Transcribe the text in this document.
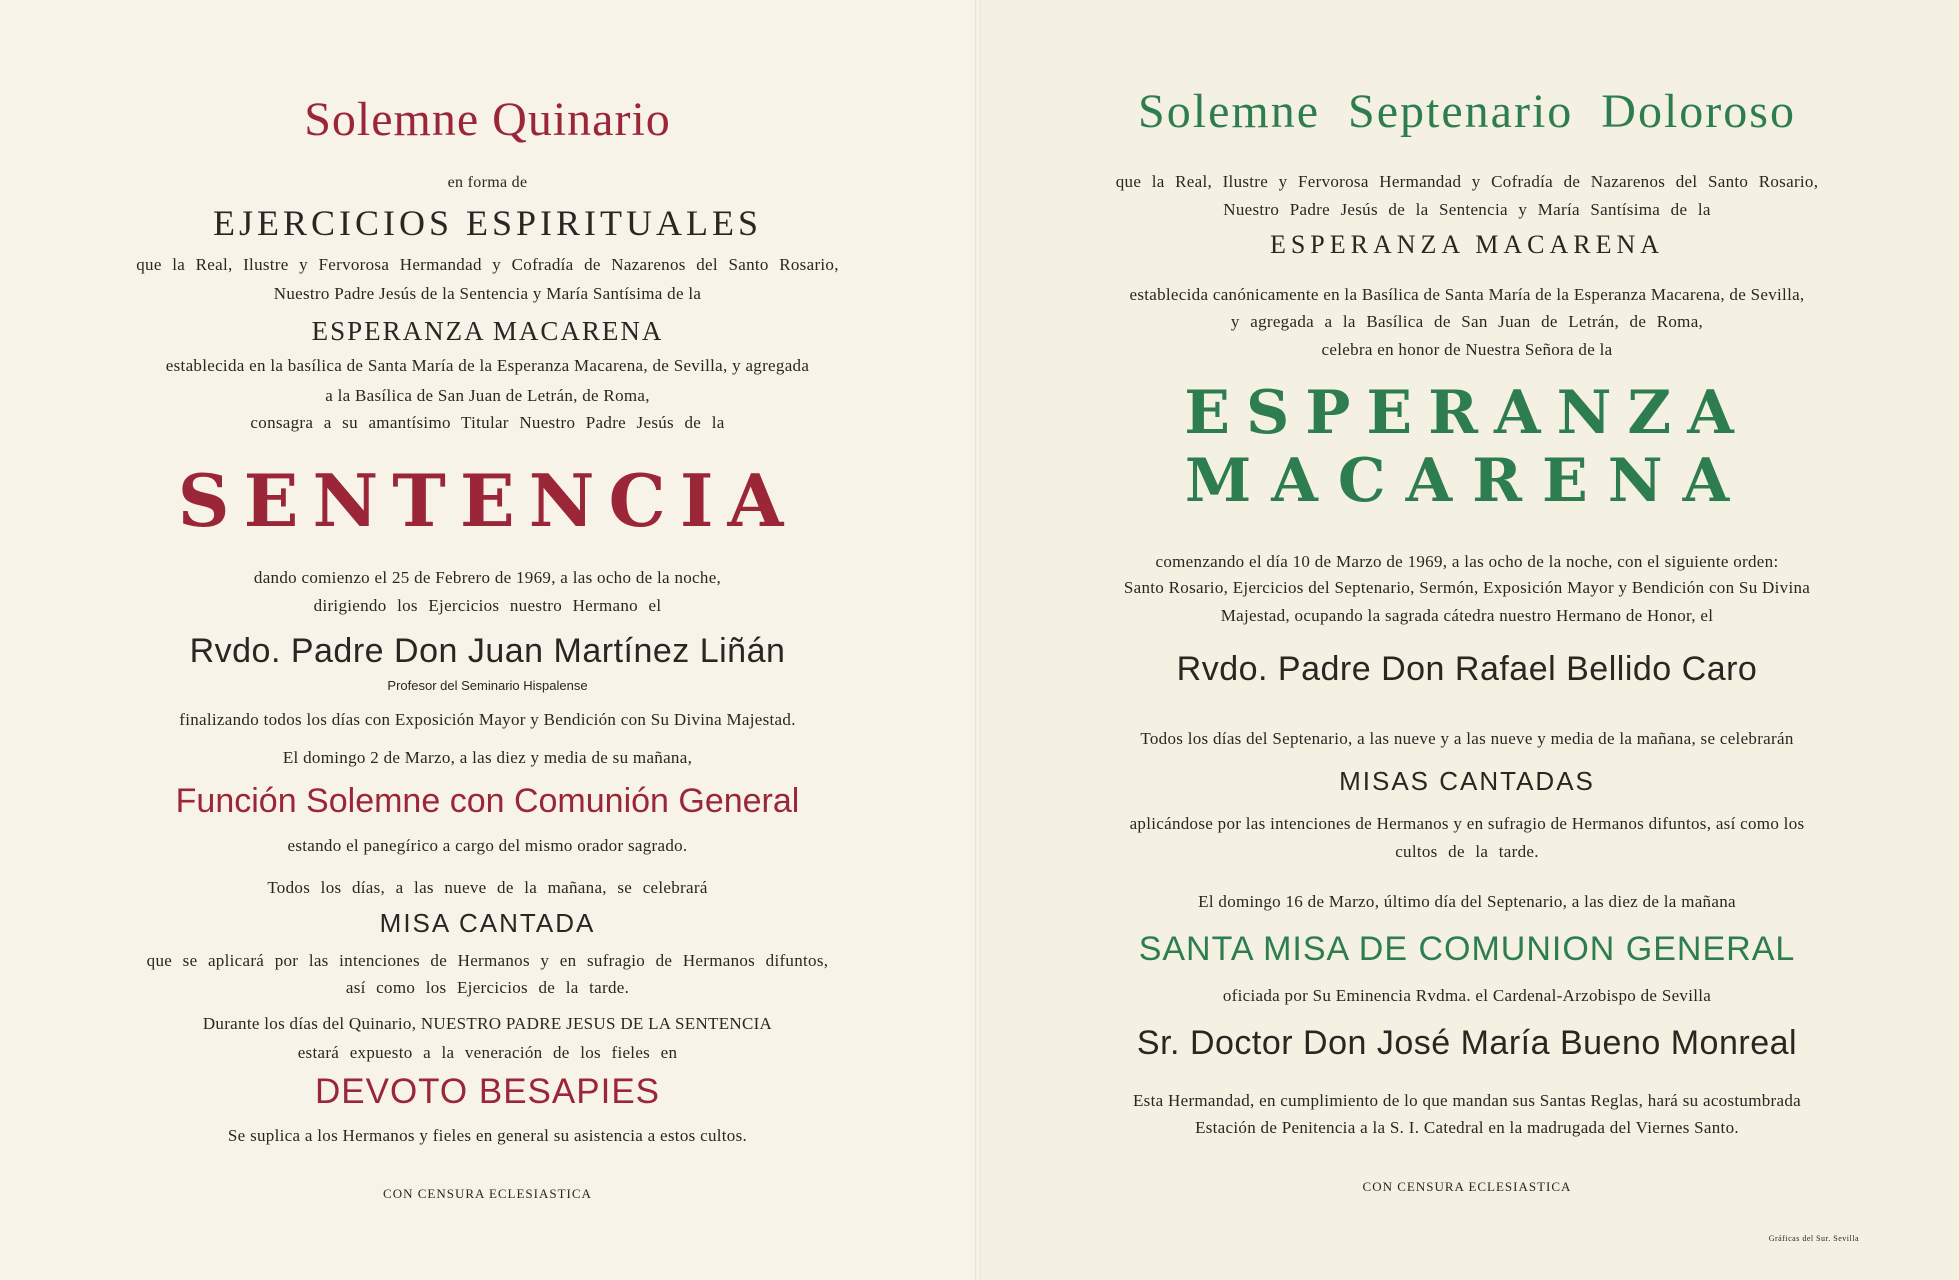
Solemne Quinario
en forma de
EJERCICIOS ESPIRITUALES
que la Real, Ilustre y Fervorosa Hermandad y Cofradía de Nazarenos del Santo Rosario,
Nuestro Padre Jesús de la Sentencia y María Santísima de la
ESPERANZA MACARENA
establecida en la basílica de Santa María de la Esperanza Macarena, de Sevilla, y agregada
a la Basílica de San Juan de Letrán, de Roma,
consagra a su amantísimo Titular Nuestro Padre Jesús de la
SENTENCIA
dando comienzo el 25 de Febrero de 1969, a las ocho de la noche,
dirigiendo los Ejercicios nuestro Hermano el
Rvdo. Padre Don Juan Martínez Liñán
Profesor del Seminario Hispalense
finalizando todos los días con Exposición Mayor y Bendición con Su Divina Majestad.
El domingo 2 de Marzo, a las diez y media de su mañana,
Función Solemne con Comunión General
estando el panegírico a cargo del mismo orador sagrado.
Todos los días, a las nueve de la mañana, se celebrará
MISA CANTADA
que se aplicará por las intenciones de Hermanos y en sufragio de Hermanos difuntos,
así como los Ejercicios de la tarde.
Durante los días del Quinario, NUESTRO PADRE JESUS DE LA SENTENCIA
estará expuesto a la veneración de los fieles en
DEVOTO BESAPIES
Se suplica a los Hermanos y fieles en general su asistencia a estos cultos.
CON CENSURA ECLESIASTICA
Solemne Septenario Doloroso
que la Real, Ilustre y Fervorosa Hermandad y Cofradía de Nazarenos del Santo Rosario,
Nuestro Padre Jesús de la Sentencia y María Santísima de la
ESPERANZA MACARENA
establecida canónicamente en la Basílica de Santa María de la Esperanza Macarena, de Sevilla,
y agregada a la Basílica de San Juan de Letrán, de Roma,
celebra en honor de Nuestra Señora de la
ESPERANZA
MACARENA
comenzando el día 10 de Marzo de 1969, a las ocho de la noche, con el siguiente orden:
Santo Rosario, Ejercicios del Septenario, Sermón, Exposición Mayor y Bendición con Su Divina
Majestad, ocupando la sagrada cátedra nuestro Hermano de Honor, el
Rvdo. Padre Don Rafael Bellido Caro
Todos los días del Septenario, a las nueve y a las nueve y media de la mañana, se celebrarán
MISAS CANTADAS
aplicándose por las intenciones de Hermanos y en sufragio de Hermanos difuntos, así como los
cultos de la tarde.
El domingo 16 de Marzo, último día del Septenario, a las diez de la mañana
SANTA MISA DE COMUNION GENERAL
oficiada por Su Eminencia Rvdma. el Cardenal-Arzobispo de Sevilla
Sr. Doctor Don José María Bueno Monreal
Esta Hermandad, en cumplimiento de lo que mandan sus Santas Reglas, hará su acostumbrada
Estación de Penitencia a la S. I. Catedral en la madrugada del Viernes Santo.
CON CENSURA ECLESIASTICA
Gráficas del Sur. Sevilla
